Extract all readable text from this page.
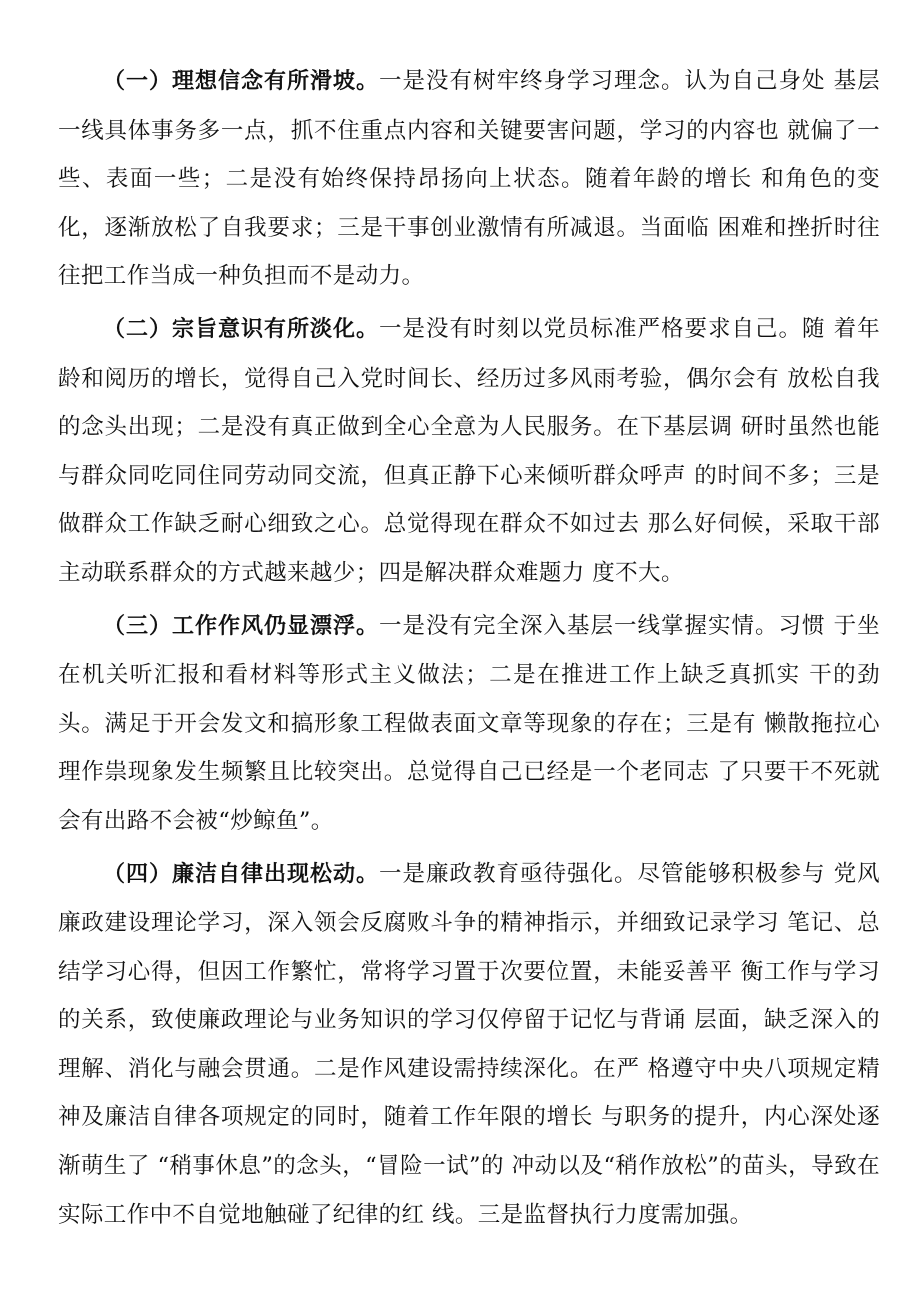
（一）理想信念有所滑坡。一是没有树牢终身学习理念。认为自己身处 基层一线具体事务多一点，抓不住重点内容和关键要害问题，学习的内容也 就偏了一些、表面一些；二是没有始终保持昂扬向上状态。随着年龄的增长 和角色的变化，逐渐放松了自我要求；三是干事创业激情有所减退。当面临 困难和挫折时往往把工作当成一种负担而不是动力。

（二）宗旨意识有所淡化。一是没有时刻以党员标准严格要求自己。随 着年龄和阅历的增长，觉得自己入党时间长、经历过多风雨考验，偶尔会有 放松自我的念头出现；二是没有真正做到全心全意为人民服务。在下基层调 研时虽然也能与群众同吃同住同劳动同交流，但真正静下心来倾听群众呼声 的时间不多；三是做群众工作缺乏耐心细致之心。总觉得现在群众不如过去 那么好伺候，采取干部主动联系群众的方式越来越少；四是解决群众难题力 度不大。

（三）工作作风仍显漂浮。一是没有完全深入基层一线掌握实情。习惯 于坐在机关听汇报和看材料等形式主义做法；二是在推进工作上缺乏真抓实 干的劲头。满足于开会发文和搞形象工程做表面文章等现象的存在；三是有 懒散拖拉心理作祟现象发生频繁且比较突出。总觉得自己已经是一个老同志 了只要干不死就会有出路不会被“炒鲸鱼”。

（四）廉洁自律出现松动。一是廉政教育亟待强化。尽管能够积极参与 党风廉政建设理论学习，深入领会反腐败斗争的精神指示，并细致记录学习 笔记、总结学习心得，但因工作繁忙，常将学习置于次要位置，未能妥善平 衡工作与学习的关系，致使廉政理论与业务知识的学习仅停留于记忆与背诵 层面，缺乏深入的理解、消化与融会贯通。二是作风建设需持续深化。在严 格遵守中央八项规定精神及廉洁自律各项规定的同时，随着工作年限的增长 与职务的提升，内心深处逐渐萌生了 “稍事休息”的念头，“冒险一试”的 冲动以及“稍作放松”的苗头，导致在实际工作中不自觉地触碰了纪律的红 线。三是监督执行力度需加强。
